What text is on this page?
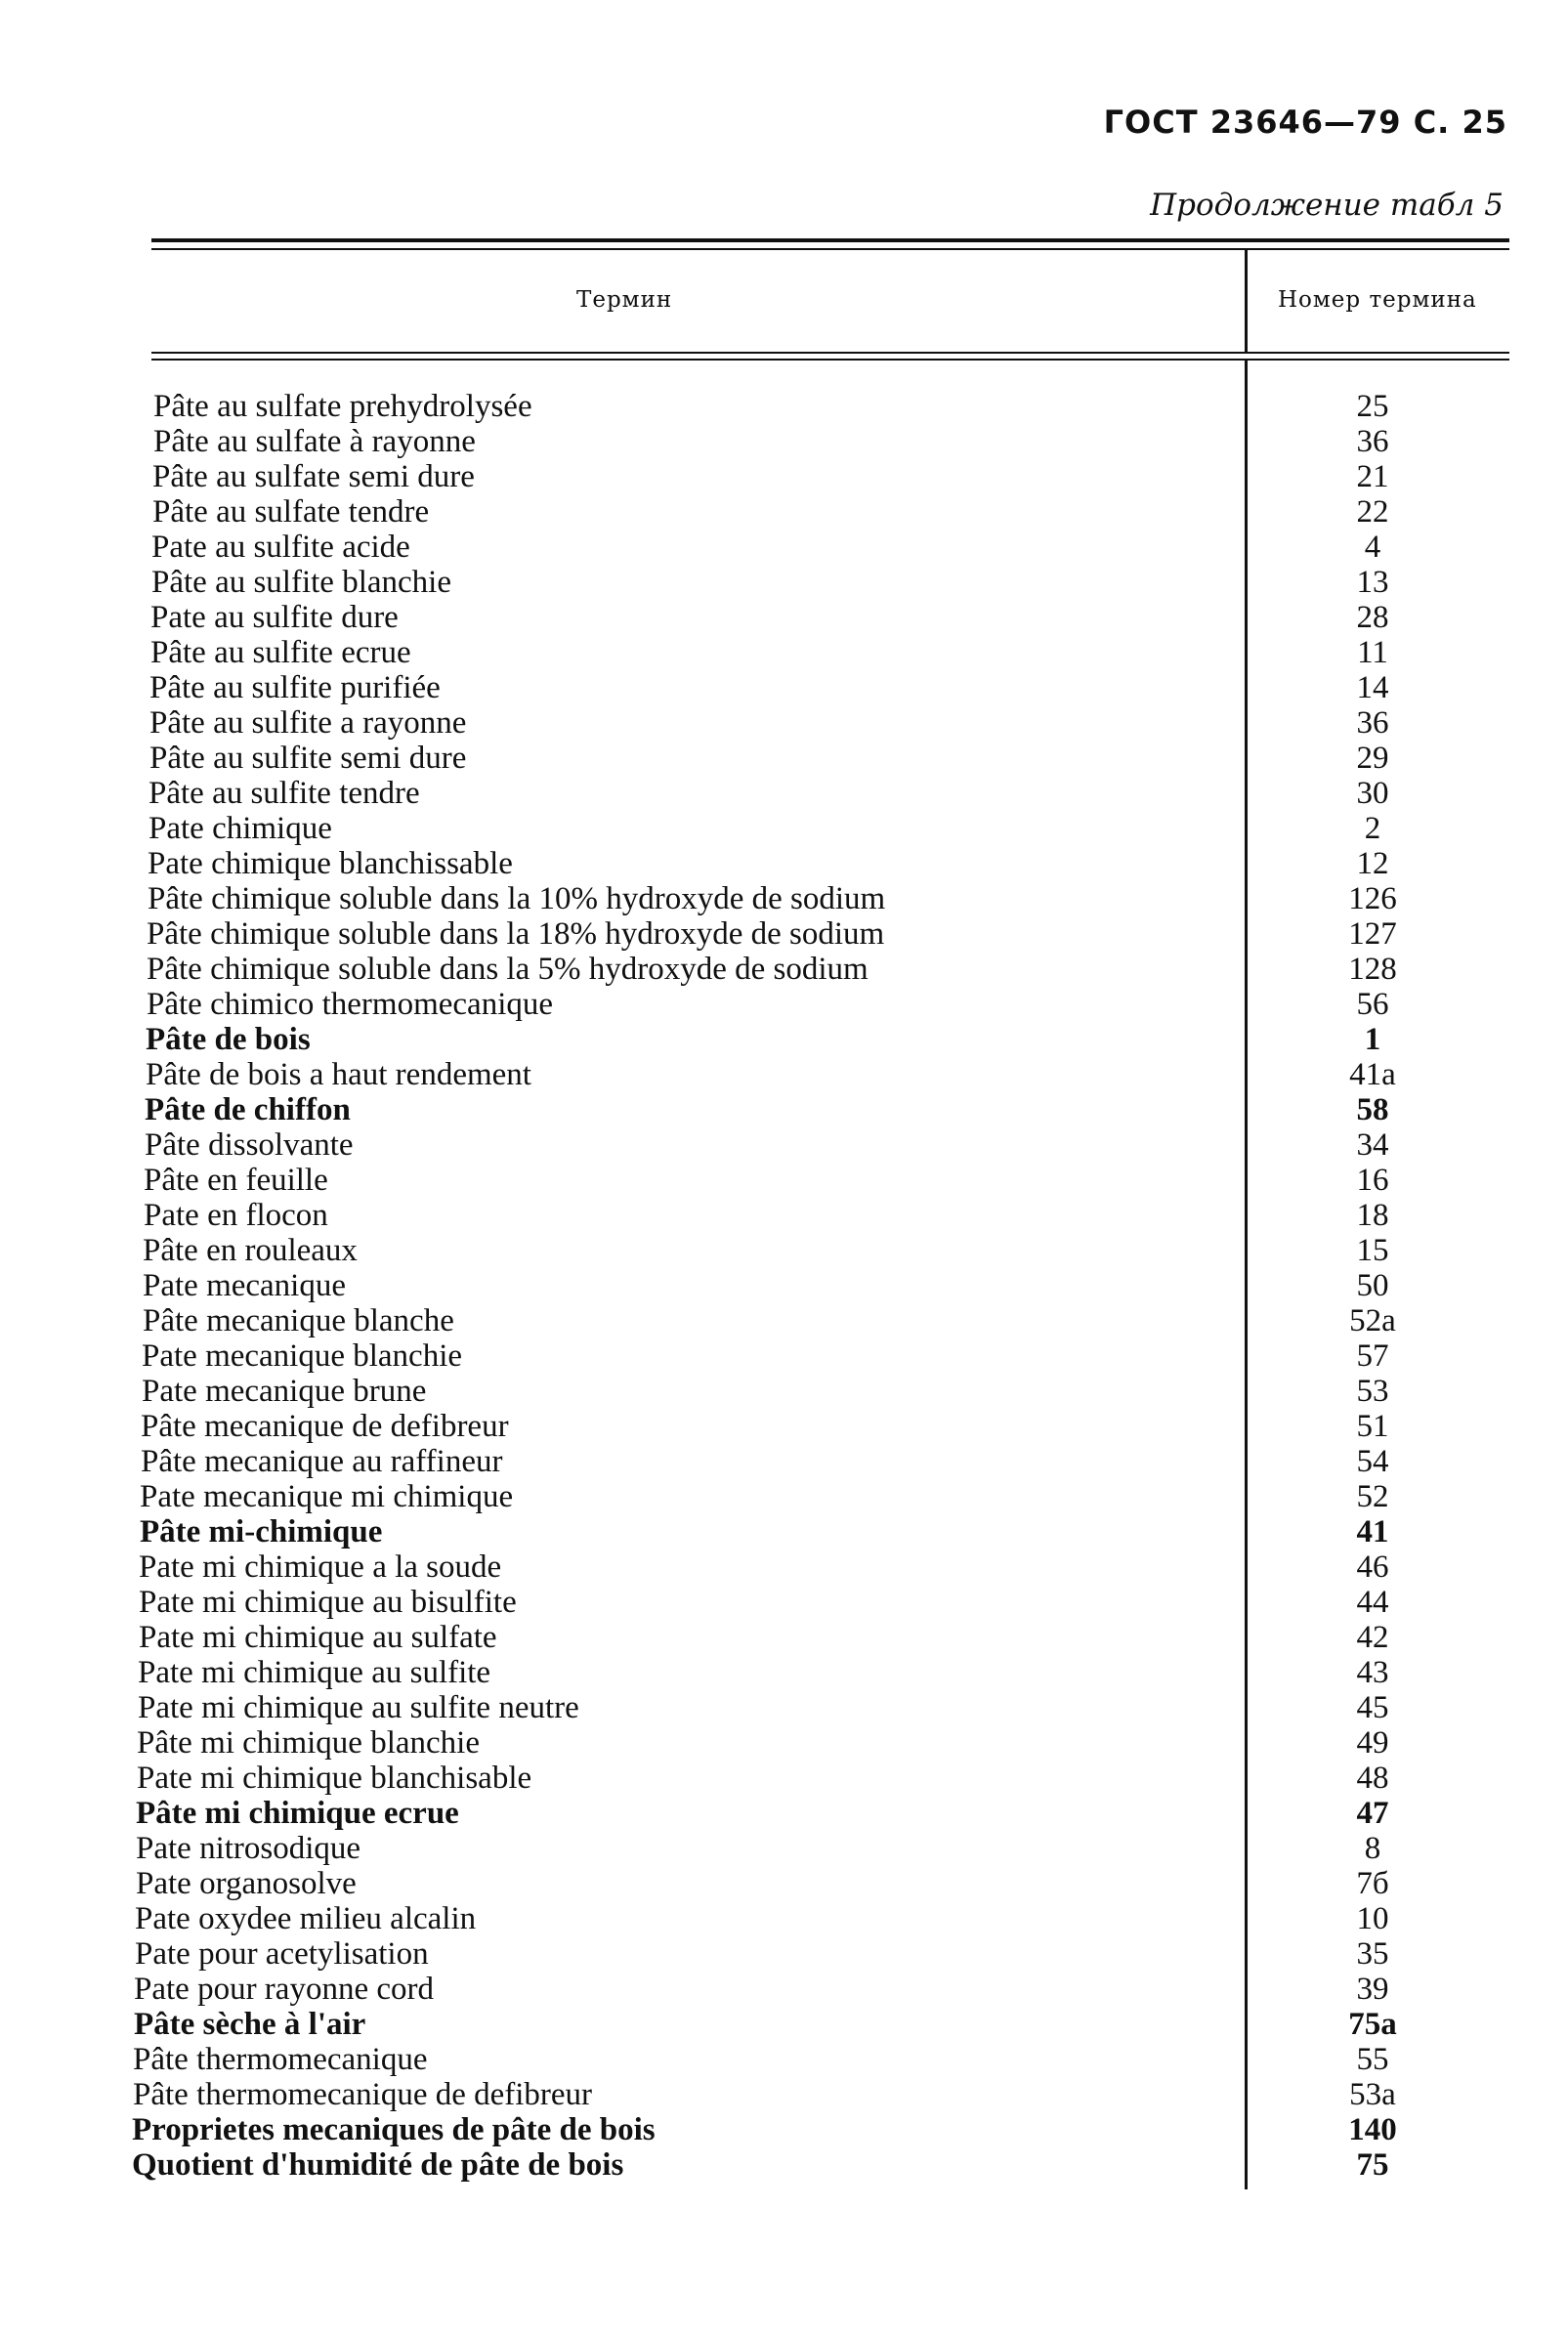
ГОСТ 23646—79 С. 25
Продолжение табл 5
Термин	Номер термина
Pâte au sulfate prehydrolysée	25
Pâte au sulfate à rayonne	36
Pâte au sulfate semi dure	21
Pâte au sulfate tendre	22
Pate au sulfite acide	4
Pâte au sulfite blanchie	13
Pate au sulfite dure	28
Pâte au sulfite ecrue	11
Pâte au sulfite purifiée	14
Pâte au sulfite a rayonne	36
Pâte au sulfite semi dure	29
Pâte au sulfite tendre	30
Pate chimique	2
Pate chimique blanchissable	12
Pâte chimique soluble dans la 10% hydroxyde de sodium	126
Pâte chimique soluble dans la 18% hydroxyde de sodium	127
Pâte chimique soluble dans la 5% hydroxyde de sodium	128
Pâte chimico thermomecanique	56
Pâte de bois	1
Pâte de bois a haut rendement	41a
Pâte de chiffon	58
Pâte dissolvante	34
Pâte en feuille	16
Pate en flocon	18
Pâte en rouleaux	15
Pate mecanique	50
Pâte mecanique blanche	52a
Pate mecanique blanchie	57
Pate mecanique brune	53
Pâte mecanique de defibreur	51
Pâte mecanique au raffineur	54
Pate mecanique mi chimique	52
Pâte mi-chimique	41
Pate mi chimique a la soude	46
Pate mi chimique au bisulfite	44
Pate mi chimique au sulfate	42
Pate mi chimique au sulfite	43
Pate mi chimique au sulfite neutre	45
Pâte mi chimique blanchie	49
Pate mi chimique blanchisable	48
Pâte mi chimique ecrue	47
Pate nitrosodique	8
Pate organosolve	7б
Pate oxydee milieu alcalin	10
Pate pour acetylisation	35
Pate pour rayonne cord	39
Pâte sèche à l'air	75a
Pâte thermomecanique	55
Pâte thermomecanique de defibreur	53a
Proprietes mecaniques de pâte de bois	140
Quotient d'humidité de pâte de bois	75
